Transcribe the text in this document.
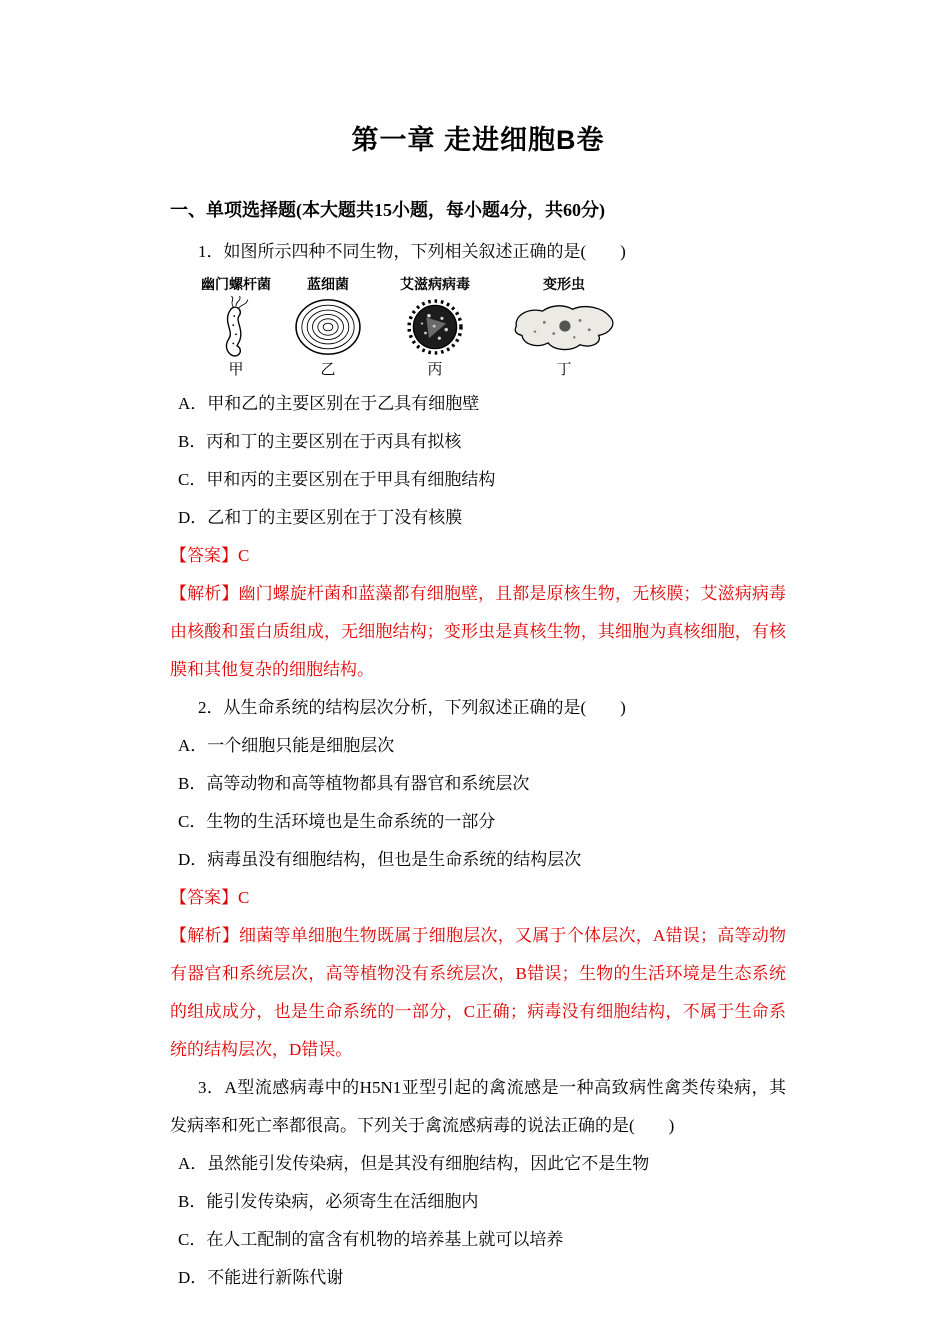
第一章 走进细胞B卷
一、单项选择题(本大题共15小题，每小题4分，共60分)

1．如图所示四种不同生物，下列相关叙述正确的是(　　)

幽门螺杆菌
甲
蓝细菌
乙
艾滋病病毒
丙
变形虫
丁
A．甲和乙的主要区别在于乙具有细胞壁
B．丙和丁的主要区别在于丙具有拟核
C．甲和丙的主要区别在于甲具有细胞结构
D．乙和丁的主要区别在于丁没有核膜
【答案】C

【解析】幽门螺旋杆菌和蓝藻都有细胞壁，且都是原核生物，无核膜；艾滋病病毒由核酸和蛋白质组成，无细胞结构；变形虫是真核生物，其细胞为真核细胞，有核膜和其他复杂的细胞结构。

2．从生命系统的结构层次分析，下列叙述正确的是(　　)

A．一个细胞只能是细胞层次
B．高等动物和高等植物都具有器官和系统层次
C．生物的生活环境也是生命系统的一部分
D．病毒虽没有细胞结构，但也是生命系统的结构层次
【答案】C

【解析】细菌等单细胞生物既属于细胞层次，又属于个体层次，A错误；高等动物有器官和系统层次，高等植物没有系统层次，B错误；生物的生活环境是生态系统的组成成分，也是生命系统的一部分，C正确；病毒没有细胞结构，不属于生命系统的结构层次，D错误。

3．A型流感病毒中的H5N1亚型引起的禽流感是一种高致病性禽类传染病，其发病率和死亡率都很高。下列关于禽流感病毒的说法正确的是(　　)

A．虽然能引发传染病，但是其没有细胞结构，因此它不是生物
B．能引发传染病，必须寄生在活细胞内
C．在人工配制的富含有机物的培养基上就可以培养
D．不能进行新陈代谢
